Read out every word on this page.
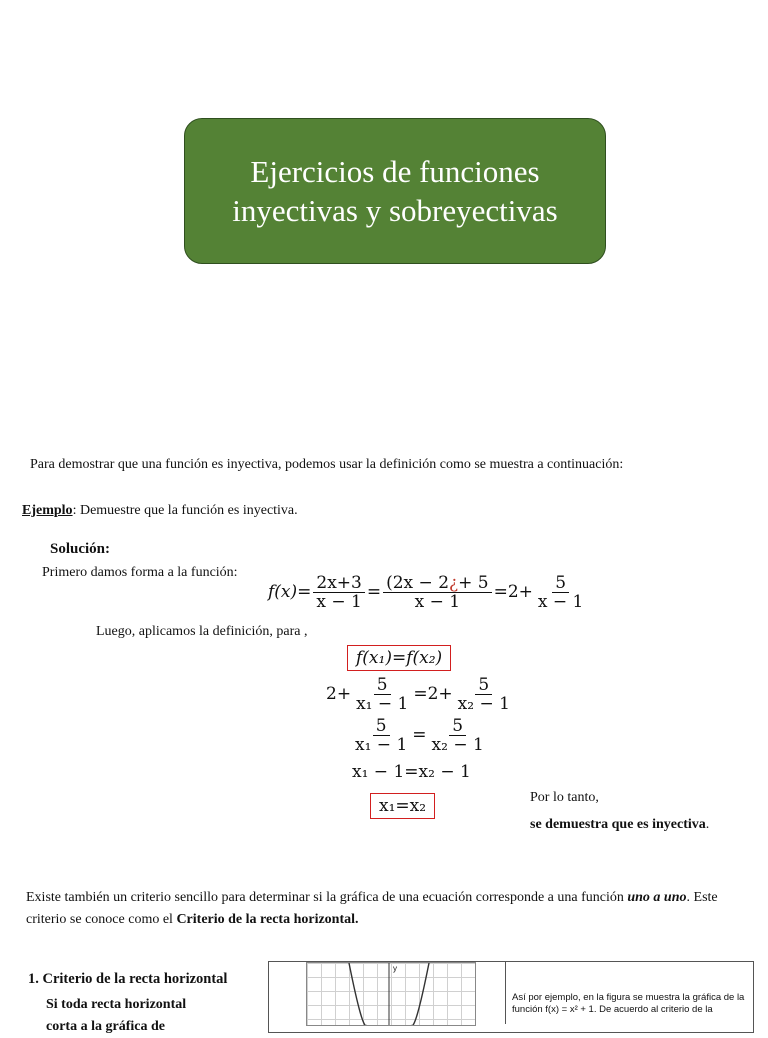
Ejercicios de funciones
inyectivas y sobreyectivas
Para demostrar que una función es inyectiva, podemos usar la definición como se muestra a continuación:
Ejemplo: Demuestre que la función es inyectiva.
Solución:
Primero damos forma a la función:
$f(x)= \frac{2x+3}{x - 1} = \frac{(2x - 2¿+ 5}{x - 1} =2+ \frac{5}{x - 1}$
Luego, aplicamos la definición, para ,
f(x₁)=f(x₂)
$2+ \frac{5}{\text{x₁ − 1}} =2+ \frac{5}{\text{x₂ − 1}}$
$\frac{5}{\text{x₁ − 1}} = \frac{5}{\text{x₂ − 1}}$
x₁ − 1=x₂ − 1
x₁=x₂	Por lo tanto,
se demuestra que es inyectiva.
Existe también un criterio sencillo para determinar si la gráfica de una ecuación corresponde a una función uno a uno. Este criterio se conoce como el Criterio de la recta horizontal.
1. Criterio de la recta horizontal
Si toda recta horizontal
corta a la gráfica de
y
Así por ejemplo, en la figura se muestra la gráfica de la función f(x) = x² + 1. De acuerdo al criterio de la
